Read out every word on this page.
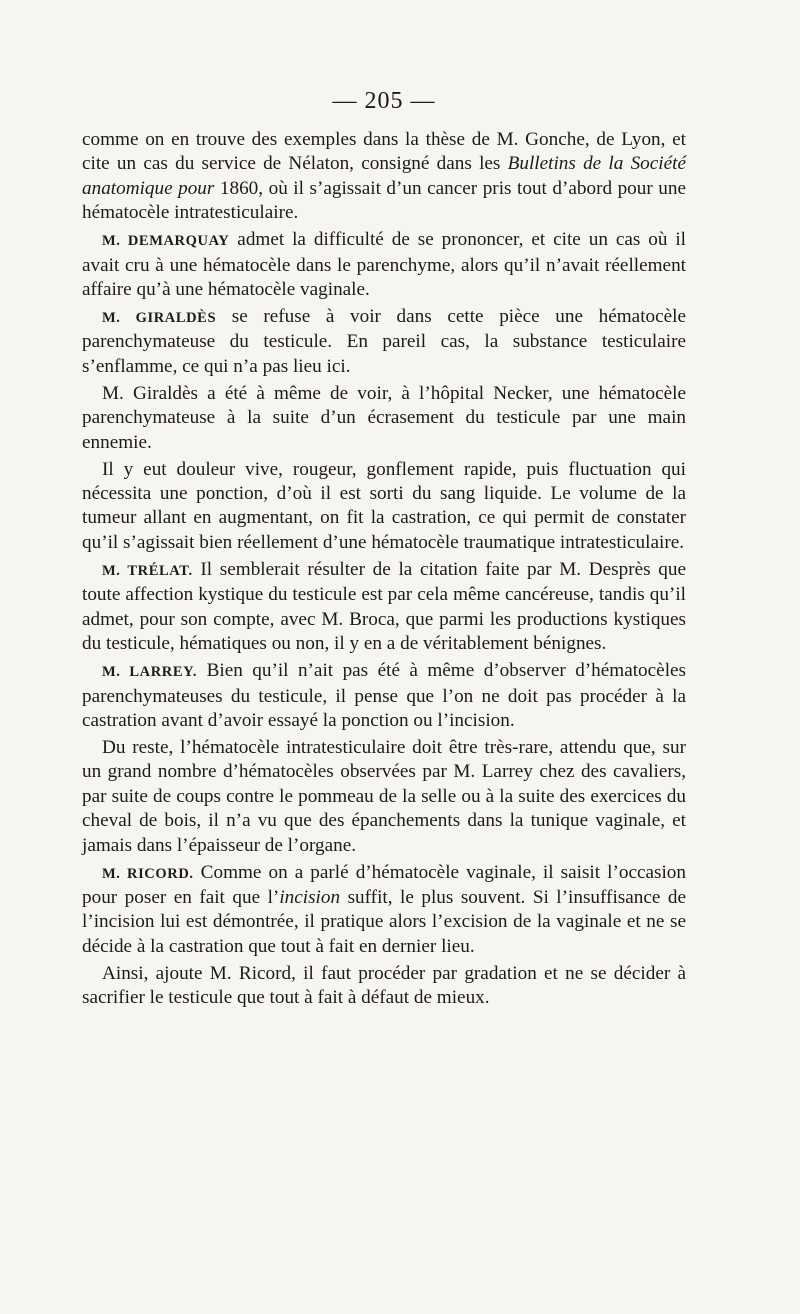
— 205 —

comme on en trouve des exemples dans la thèse de M. Gonche, de Lyon, et cite un cas du service de Nélaton, consigné dans les Bulletins de la Société anatomique pour 1860, où il s’agissait d’un cancer pris tout d’abord pour une hématocèle intratesticulaire.

M. DEMARQUAY admet la difficulté de se prononcer, et cite un cas où il avait cru à une hématocèle dans le parenchyme, alors qu’il n’avait réellement affaire qu’à une hématocèle vaginale.

M. GIRALDÈS se refuse à voir dans cette pièce une hématocèle parenchymateuse du testicule. En pareil cas, la substance testiculaire s’enflamme, ce qui n’a pas lieu ici.

M. Giraldès a été à même de voir, à l’hôpital Necker, une hématocèle parenchymateuse à la suite d’un écrasement du testicule par une main ennemie.

Il y eut douleur vive, rougeur, gonflement rapide, puis fluctuation qui nécessita une ponction, d’où il est sorti du sang liquide. Le volume de la tumeur allant en augmentant, on fit la castration, ce qui permit de constater qu’il s’agissait bien réellement d’une hématocèle traumatique intratesticulaire.

M. TRÉLAT. Il semblerait résulter de la citation faite par M. Desprès que toute affection kystique du testicule est par cela même cancéreuse, tandis qu’il admet, pour son compte, avec M. Broca, que parmi les productions kystiques du testicule, hématiques ou non, il y en a de véritablement bénignes.

M. LARREY. Bien qu’il n’ait pas été à même d’observer d’hématocèles parenchymateuses du testicule, il pense que l’on ne doit pas procéder à la castration avant d’avoir essayé la ponction ou l’incision.

Du reste, l’hématocèle intratesticulaire doit être très-rare, attendu que, sur un grand nombre d’hématocèles observées par M. Larrey chez des cavaliers, par suite de coups contre le pommeau de la selle ou à la suite des exercices du cheval de bois, il n’a vu que des épanchements dans la tunique vaginale, et jamais dans l’épaisseur de l’organe.

M. RICORD. Comme on a parlé d’hématocèle vaginale, il saisit l’occasion pour poser en fait que l’incision suffit, le plus souvent. Si l’insuffisance de l’incision lui est démontrée, il pratique alors l’excision de la vaginale et ne se décide à la castration que tout à fait en dernier lieu.

Ainsi, ajoute M. Ricord, il faut procéder par gradation et ne se décider à sacrifier le testicule que tout à fait à défaut de mieux.
